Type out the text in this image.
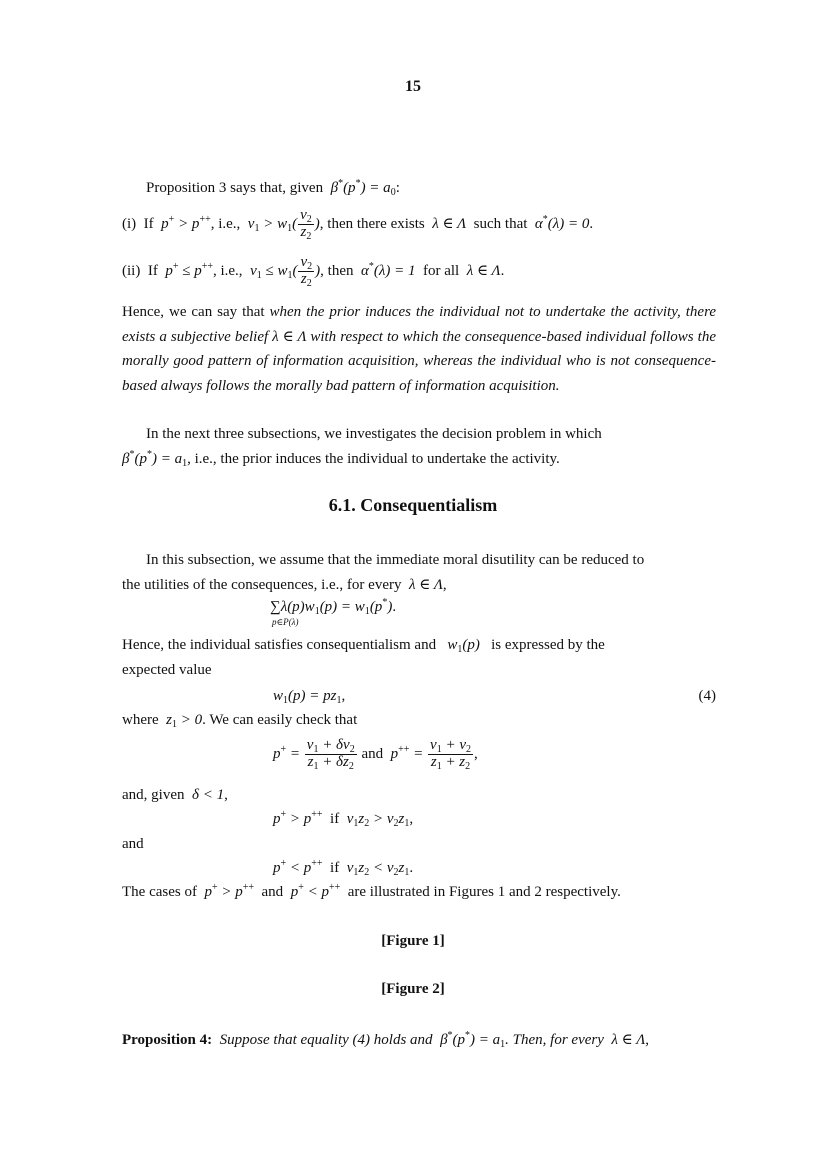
15
Proposition 3 says that, given $\beta^*(p^*) = a_0$:
(i) If p+ > p++, i.e., $v_1 > w_1( \frac{v_2}{z_2}$ ), then there exists λ ∈ Λ such that α*(λ) = 0.
(ii) If p+ ≤ p++, i.e., $v_1 \le w_1( \frac{v_2}{z_2}$ ), then α*(λ) = 1 for all λ ∈ Λ.
Hence, we can say that when the prior induces the individual not to undertake the activity, there exists a subjective belief λ ∈ Λ with respect to which the consequence-based individual follows the morally good pattern of information acquisition, whereas the individual who is not consequence-based always follows the morally bad pattern of information acquisition.
In the next three subsections, we investigates the decision problem in which
$\beta^*(p^*) = a_1$, i.e., the prior induces the individual to undertake the activity.
6.1. Consequentialism
In this subsection, we assume that the immediate moral disutility can be reduced to
the utilities of the consequences, i.e., for every λ ∈ Λ,
$\sum\lambda(p)w_1(p) = w_1(p^*)$.
p∈P(λ)
Hence, the individual satisfies consequentialism and $w_1(p)$ is expressed by the
expected value
$w_1(p) = pz_1$,	(4)
where $z_1 > 0$. We can easily check that
$p^+ = \frac{v_1 + \delta v_2}{z_1 + \delta z_2}$ and $p^{++} = \frac{v_1 + v_2}{z_1 + z_2}$ ,
and, given δ < 1,
p+ > p++ if $v_1z_2 > v_2z_1$,
and
p+ < p++ if $v_1z_2 < v_2z_1$.
The cases of p+ > p++ and p+ < p++ are illustrated in Figures 1 and 2 respectively.
[Figure 1]
[Figure 2]
Proposition 4: Suppose that equality (4) holds and $\beta^*(p^*) = a_1$. Then, for every λ ∈ Λ,
